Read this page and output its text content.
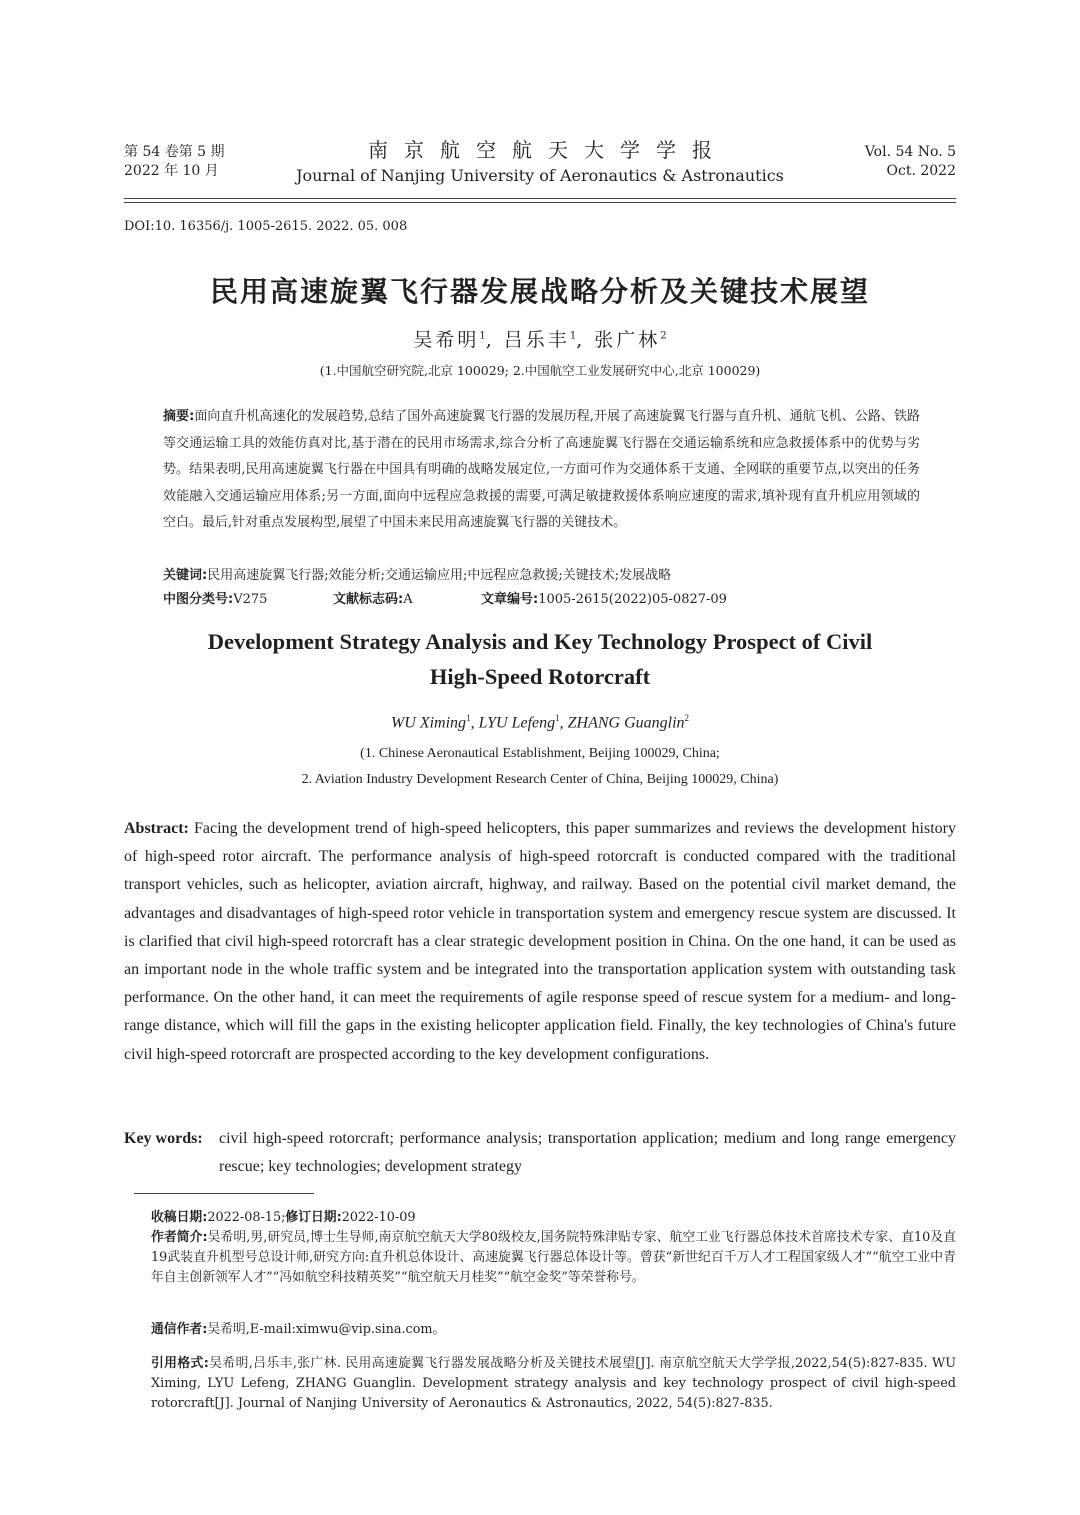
第 54 卷第 5 期
2022 年 10 月
南京航空航天大学学报
Journal of Nanjing University of Aeronautics & Astronautics
Vol. 54 No. 5
Oct. 2022
DOI:10. 16356/j. 1005-2615. 2022. 05. 008
民用高速旋翼飞行器发展战略分析及关键技术展望
吴希明$^1$, 吕乐丰$^1$, 张广林$^2$
(1.中国航空研究院,北京 100029; 2.中国航空工业发展研究中心,北京 100029)
摘要:面向直升机高速化的发展趋势,总结了国外高速旋翼飞行器的发展历程,开展了高速旋翼飞行器与直升机、通航飞机、公路、铁路等交通运输工具的效能仿真对比,基于潜在的民用市场需求,综合分析了高速旋翼飞行器在交通运输系统和应急救援体系中的优势与劣势。结果表明,民用高速旋翼飞行器在中国具有明确的战略发展定位,一方面可作为交通体系干支通、全网联的重要节点,以突出的任务效能融入交通运输应用体系;另一方面,面向中远程应急救援的需要,可满足敏捷救援体系响应速度的需求,填补现有直升机应用领域的空白。最后,针对重点发展构型,展望了中国未来民用高速旋翼飞行器的关键技术。
关键词:民用高速旋翼飞行器;效能分析;交通运输应用;中远程应急救援;关键技术;发展战略
中图分类号:V275	文献标志码:A	文章编号:1005-2615(2022)05-0827-09
Development Strategy Analysis and Key Technology Prospect of Civil
High-Speed Rotorcraft
WU Ximing$^1$, LYU Lefeng$^1$, ZHANG Guanglin$^2$
(1. Chinese Aeronautical Establishment, Beijing 100029, China;
2. Aviation Industry Development Research Center of China, Beijing 100029, China)
Abstract: Facing the development trend of high-speed helicopters, this paper summarizes and reviews the development history of high-speed rotor aircraft. The performance analysis of high-speed rotorcraft is conducted compared with the traditional transport vehicles, such as helicopter, aviation aircraft, highway, and railway. Based on the potential civil market demand, the advantages and disadvantages of high-speed rotor vehicle in transportation system and emergency rescue system are discussed. It is clarified that civil high-speed rotorcraft has a clear strategic development position in China. On the one hand, it can be used as an important node in the whole traffic system and be integrated into the transportation application system with outstanding task performance. On the other hand, it can meet the requirements of agile response speed of rescue system for a medium- and long-range distance, which will fill the gaps in the existing helicopter application field. Finally, the key technologies of China's future civil high-speed rotorcraft are prospected according to the key development configurations.
Key words: civil high-speed rotorcraft; performance analysis; transportation application; medium and long range emergency rescue; key technologies; development strategy
收稿日期:2022-08-15;修订日期:2022-10-09
作者简介:吴希明,男,研究员,博士生导师,南京航空航天大学80级校友,国务院特殊津贴专家、航空工业飞行器总体技术首席技术专家、直10及直19武装直升机型号总设计师,研究方向:直升机总体设计、高速旋翼飞行器总体设计等。曾获“新世纪百千万人才工程国家级人才”“航空工业中青年自主创新领军人才”“冯如航空科技精英奖”“航空航天月桂奖”“航空金奖”等荣誉称号。
通信作者:吴希明,E-mail:ximwu@vip.sina.com。
引用格式:吴希明,吕乐丰,张广林. 民用高速旋翼飞行器发展战略分析及关键技术展望[J]. 南京航空航天大学学报,2022,54(5):827-835. WU Ximing, LYU Lefeng, ZHANG Guanglin. Development strategy analysis and key technology prospect of civil high-speed rotorcraft[J]. Journal of Nanjing University of Aeronautics & Astronautics, 2022, 54(5):827-835.
